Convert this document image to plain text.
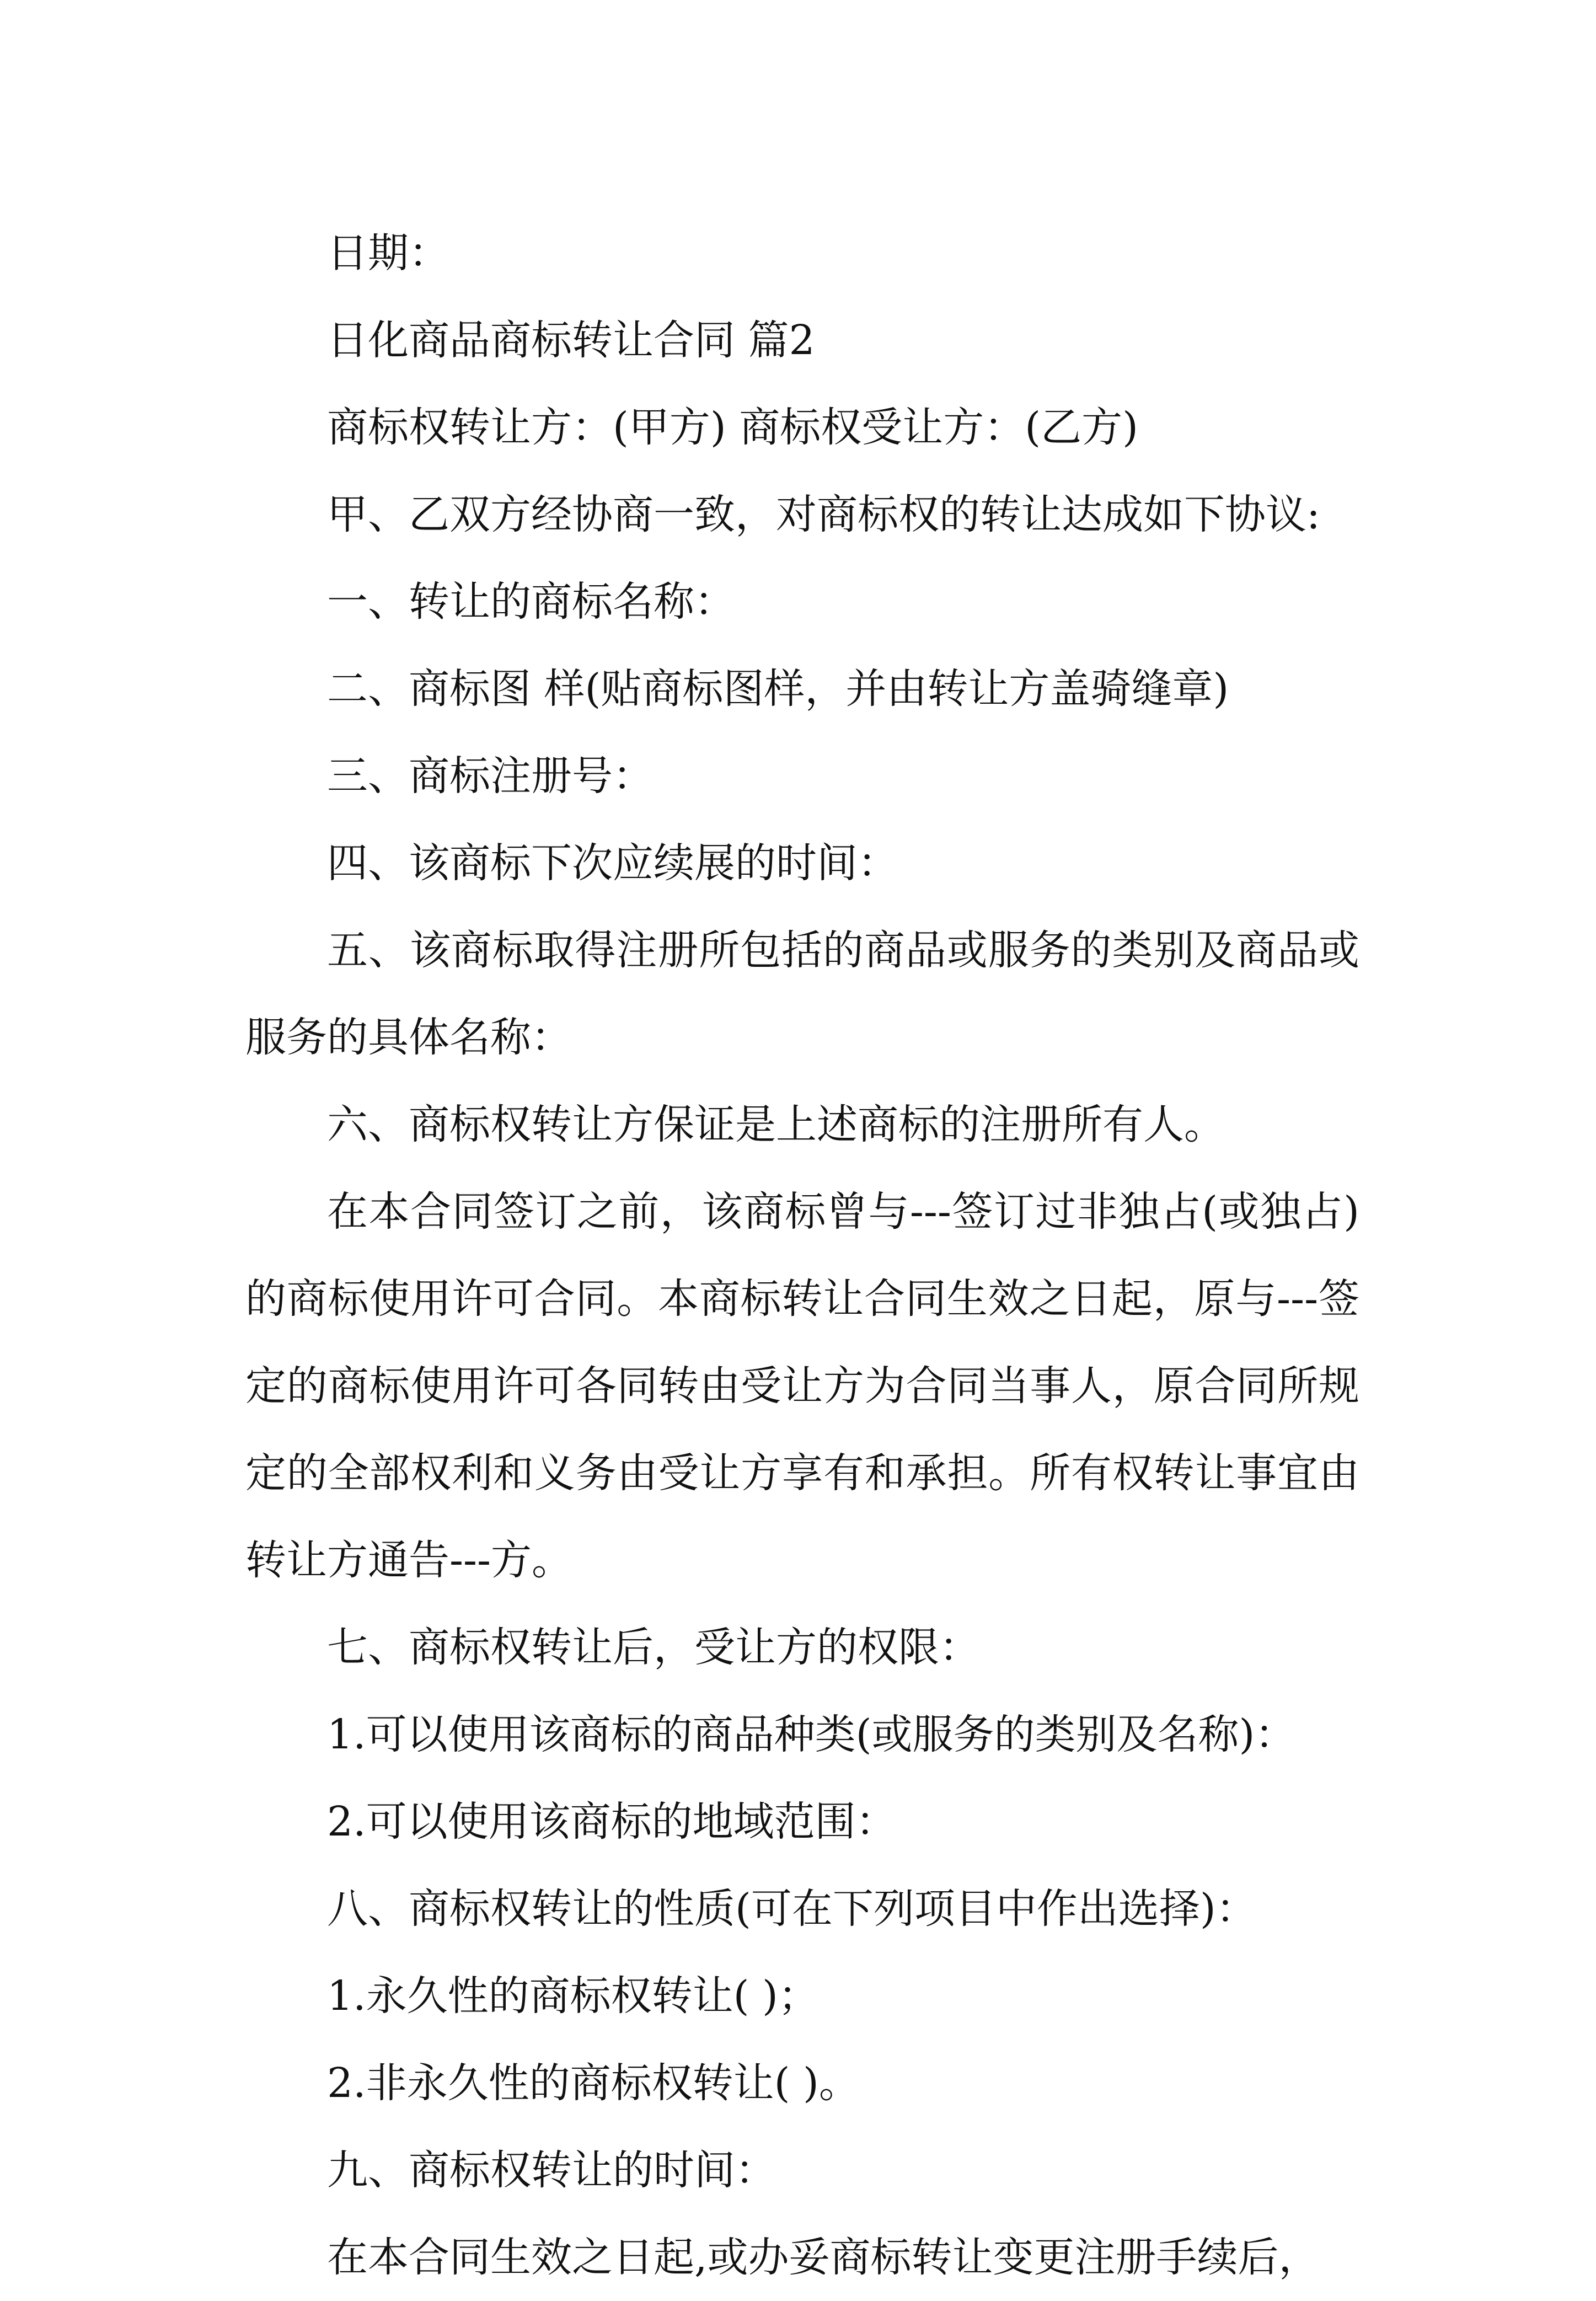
日期：

日化商品商标转让合同 篇2

商标权转让方：(甲方) 商标权受让方：(乙方)

甲、乙双方经协商一致，对商标权的转让达成如下协议:

一、转让的商标名称：

二、商标图 样(贴商标图样，并由转让方盖骑缝章)

三、商标注册号：

四、该商标下次应续展的时间：

五、该商标取得注册所包括的商品或服务的类别及商品或服务的具体名称：

六、商标权转让方保证是上述商标的注册所有人。

在本合同签订之前，该商标曾与---签订过非独占(或独占)的商标使用许可合同。本商标转让合同生效之日起，原与---签定的商标使用许可各同转由受让方为合同当事人，原合同所规定的全部权利和义务由受让方享有和承担。所有权转让事宜由转让方通告---方。

七、商标权转让后，受让方的权限：

1.可以使用该商标的商品种类(或服务的类别及名称)：

2.可以使用该商标的地域范围：

八、商标权转让的性质(可在下列项目中作出选择)：

1.永久性的商标权转让( )；

2.非永久性的商标权转让( )。

九、商标权转让的时间：

在本合同生效之日起,或办妥商标转让变更注册手续后，
